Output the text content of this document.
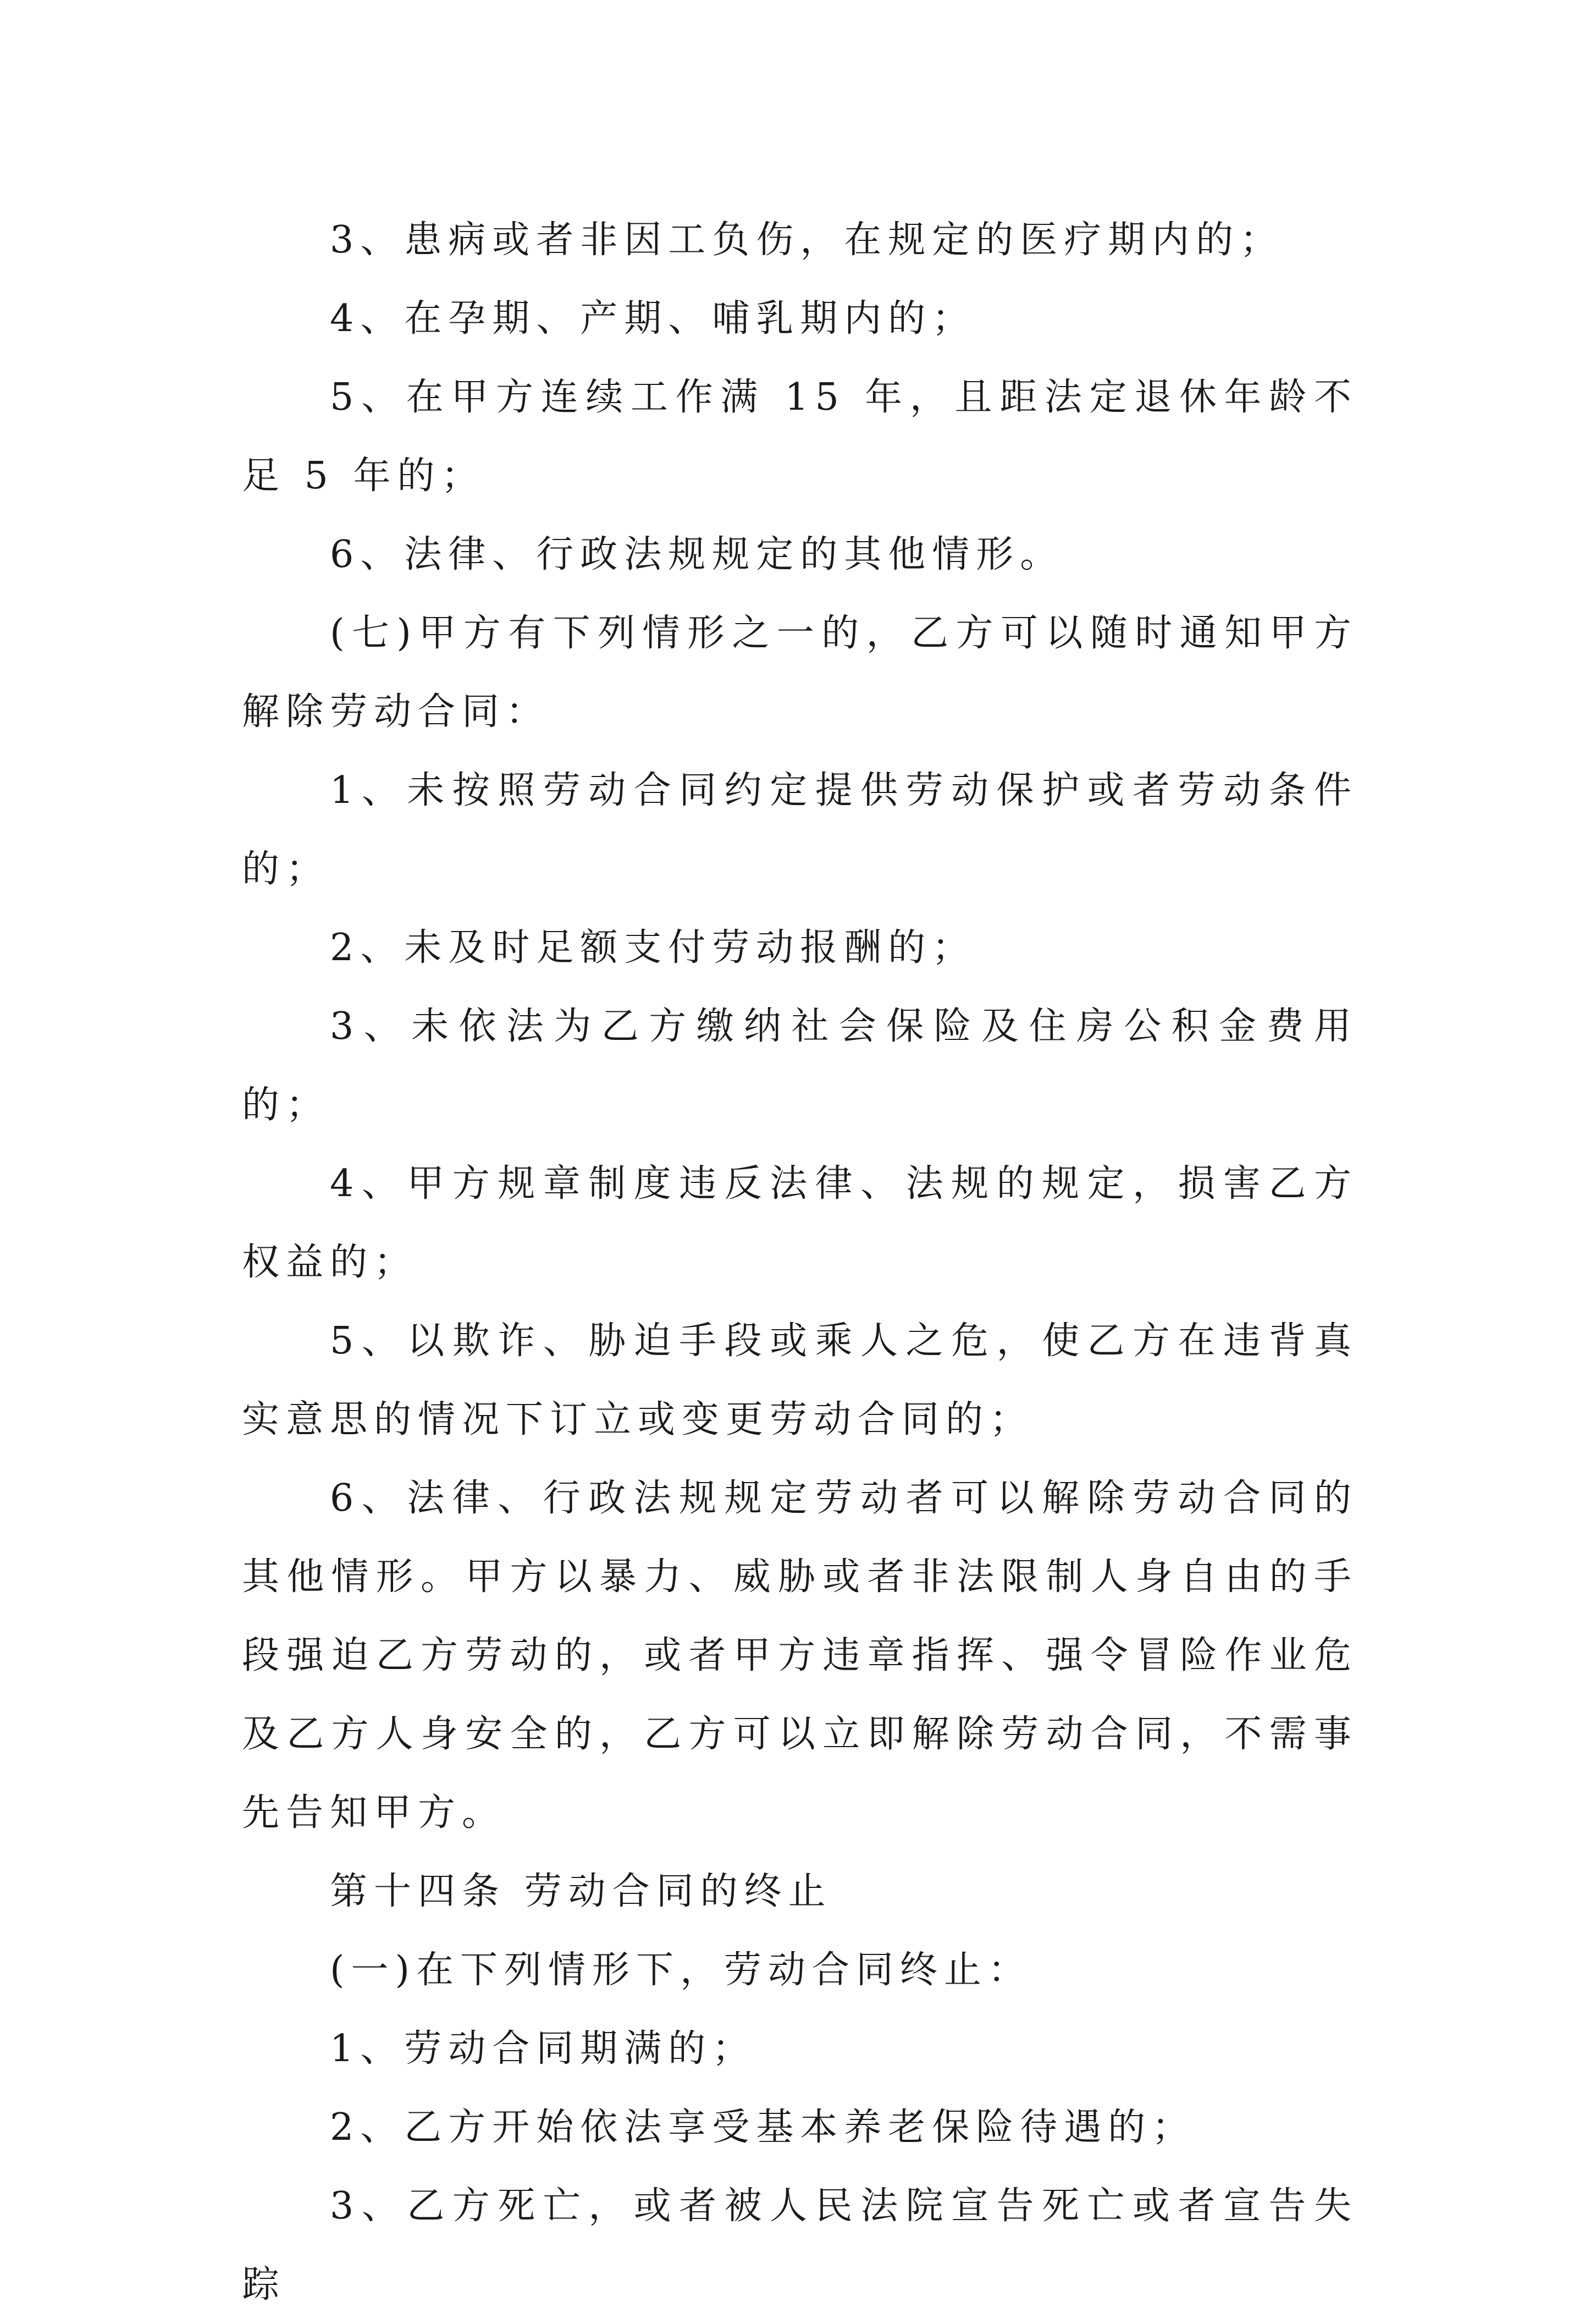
3、患病或者非因工负伤，在规定的医疗期内的；

4、在孕期、产期、哺乳期内的；

5、在甲方连续工作满 15 年，且距法定退休年龄不足 5 年的；

6、法律、行政法规规定的其他情形。

(七)甲方有下列情形之一的，乙方可以随时通知甲方解除劳动合同：

1、未按照劳动合同约定提供劳动保护或者劳动条件的；

2、未及时足额支付劳动报酬的；

3、未依法为乙方缴纳社会保险及住房公积金费用的；

4、甲方规章制度违反法律、法规的规定，损害乙方权益的；

5、以欺诈、胁迫手段或乘人之危，使乙方在违背真实意思的情况下订立或变更劳动合同的；

6、法律、行政法规规定劳动者可以解除劳动合同的其他情形。甲方以暴力、威胁或者非法限制人身自由的手段强迫乙方劳动的，或者甲方违章指挥、强令冒险作业危及乙方人身安全的，乙方可以立即解除劳动合同，不需事先告知甲方。

第十四条 劳动合同的终止

(一)在下列情形下，劳动合同终止：

1、劳动合同期满的；

2、乙方开始依法享受基本养老保险待遇的；

3、乙方死亡，或者被人民法院宣告死亡或者宣告失踪
